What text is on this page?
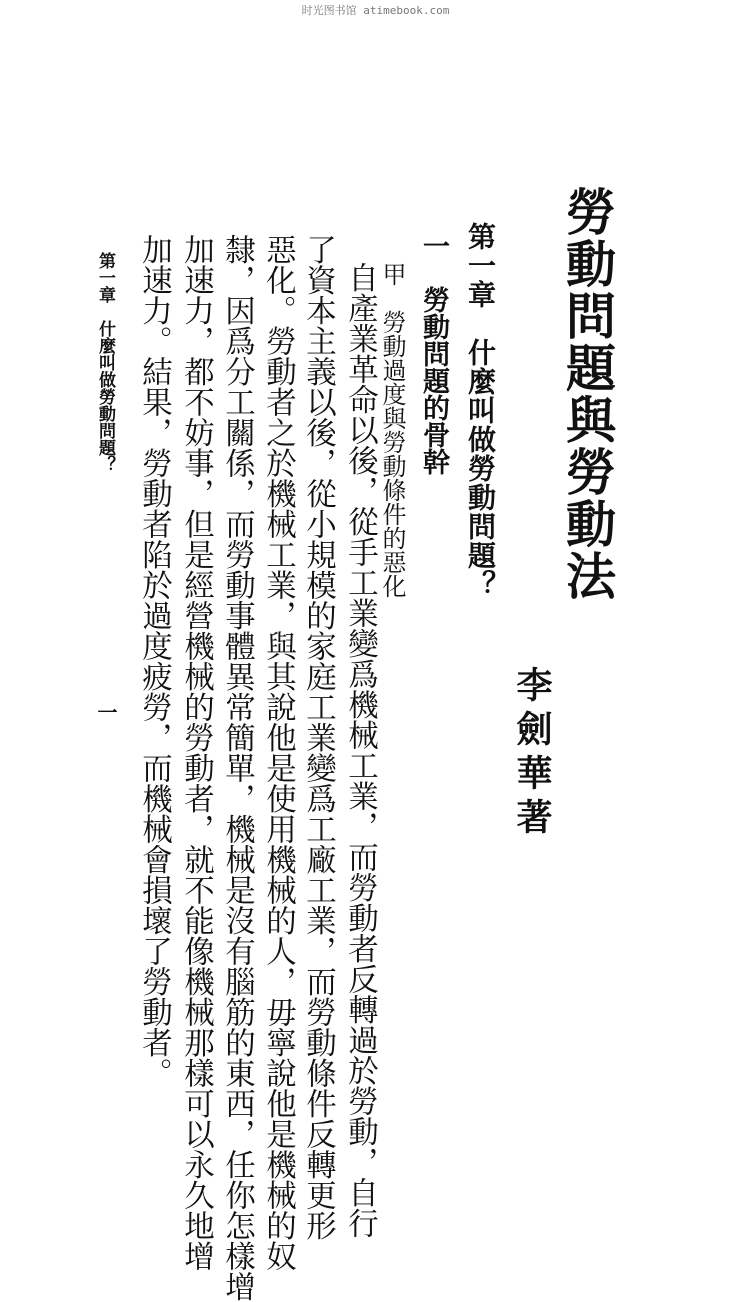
时光图书馆 atimebook.com
勞動問題與勞動法
李劍華著
第一章　什麼叫做勞動問題？
一　勞動問題的骨幹
甲　勞動過度與勞動條件的惡化
自產業革命以後，從手工業變爲機械工業，而勞動者反轉過於勞動，自行
了資本主義以後，從小規模的家庭工業變爲工廠工業，而勞動條件反轉更形
惡化。勞動者之於機械工業，與其說他是使用機械的人，毋寧說他是機械的奴
隸，因爲分工關係，而勞動事體異常簡單，機械是沒有腦筋的東西，任你怎樣增
加速力，都不妨事，但是經營機械的勞動者，就不能像機械那樣可以永久地增
加速力。結果，勞動者陷於過度疲勞，而機械會損壞了勞動者。
第一章　什麼叫做勞動問題？
一
